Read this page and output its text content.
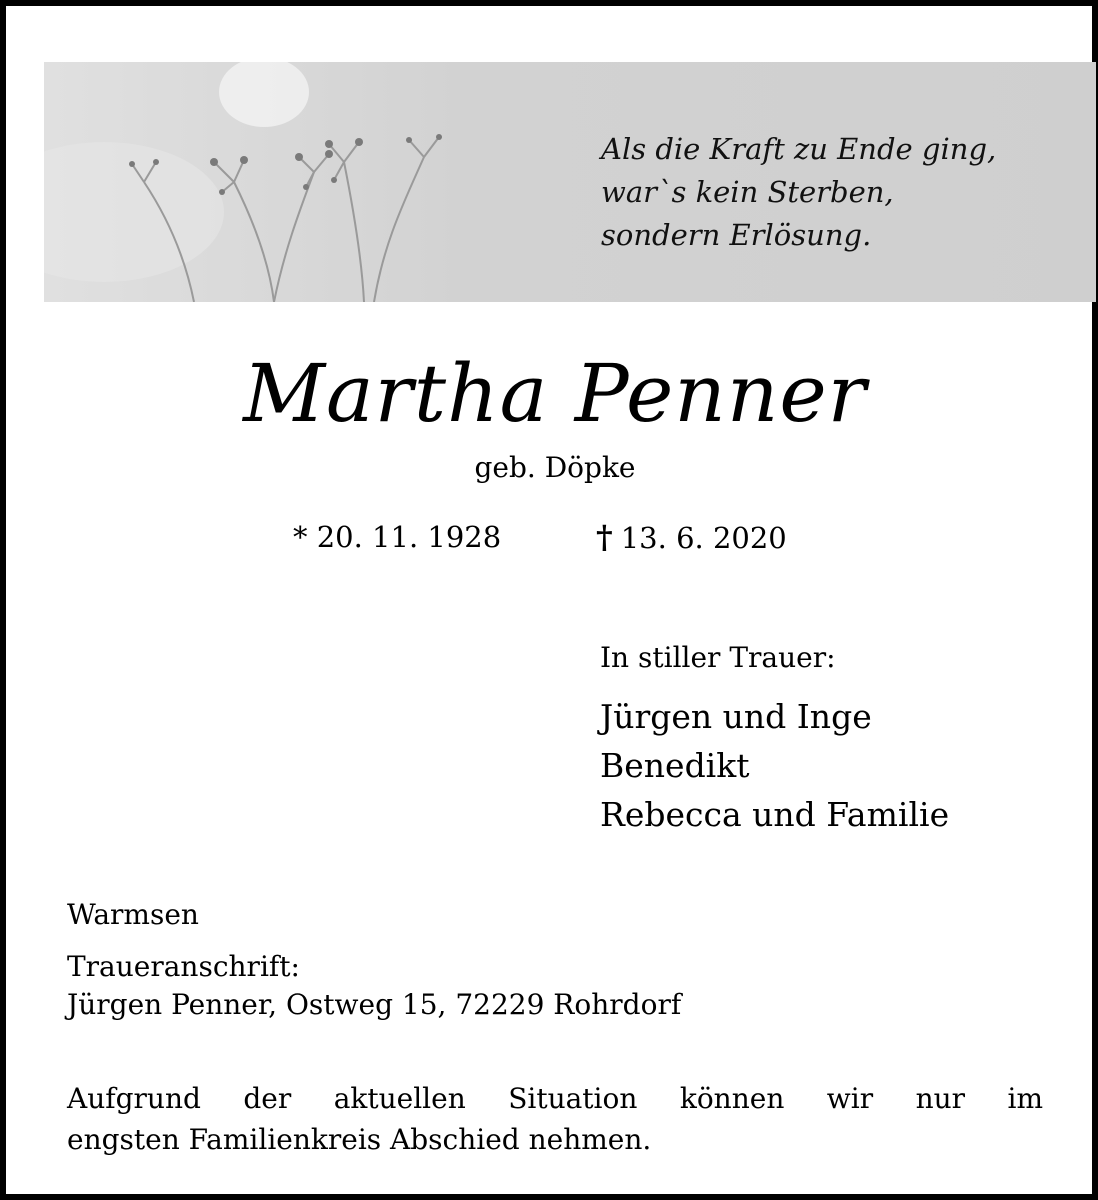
Als die Kraft zu Ende ging,
war`s kein Sterben,
sondern Erlösung.
Martha Penner
geb. Döpke
* 20. 11. 1928	† 13. 6. 2020
In stiller Trauer:
Jürgen und Inge
Benedikt
Rebecca und Familie
Warmsen
Traueranschrift:
Jürgen Penner, Ostweg 15, 72229 Rohrdorf
Aufgrund der aktuellen Situation können wir nur im
engsten Familienkreis Abschied nehmen.
